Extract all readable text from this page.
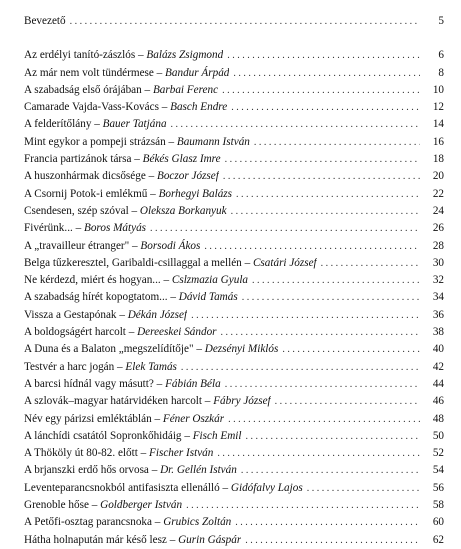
Bevezető . . .	5
Az erdélyi tanító-zászlós – Balázs Zsigmond . . .	6
Az már nem volt tündérmese – Bandur Árpád . . .	8
A szabadság első órájában – Barbai Ferenc . . .	10
Camarade Vajda-Vass-Kovács – Basch Endre . . .	12
A felderítőlány – Bauer Tatjána . . .	14
Mint egykor a pompeji strázsán – Baumann István . . .	16
Francia partizánok társa – Békés Glasz Imre . . .	18
A huszonhármak dicsősége – Boczor József . . .	20
A Csornij Potok-i emlékmű – Borhegyi Balázs . . .	22
Csendesen, szép szóval – Oleksza Borkanyuk . . .	24
Fivérünk... – Boros Mátyás . . .	26
A „travailleur étranger" – Borsodi Ákos . . .	28
Belga tűzkeresztel, Garibaldi-csillaggal a mellén – Csatári József . . .	30
Ne kérdezd, miért és hogyan... – Cslzmazia Gyula . . .	32
A szabadság hírét kopogtatom... – Dávid Tamás . . .	34
Vissza a Gestapónak – Dékán József . . .	36
A boldogságért harcolt – Dereeskei Sándor . . .	38
A Duna és a Balaton „megszelídítője" – Dezsényi Miklós . . .	40
Testvér a harc jogán – Elek Tamás . . .	42
A barcsi hídnál vagy másutt? – Fábián Béla . . .	44
A szlovák–magyar határvidéken harcolt – Fábry József . . .	46
Név egy párizsi emléktáblán – Féner Oszkár . . .	48
A lánchídi csatától Sopronkőhidáig – Fisch Emil . . .	50
A Thököly út 80-82. előtt – Fischer István . . .	52
A brjanszki erdő hős orvosa – Dr. Gellén István . . .	54
Leventeparancsnokból antifasiszta ellenálló – Gidófalvy Lajos . . .	56
Grenoble hőse – Goldberger István . . .	58
A Petőfi-osztag parancsnoka – Grubics Zoltán . . .	60
Hátha holnapután már késő lesz – Gurin Gáspár . . .	62
